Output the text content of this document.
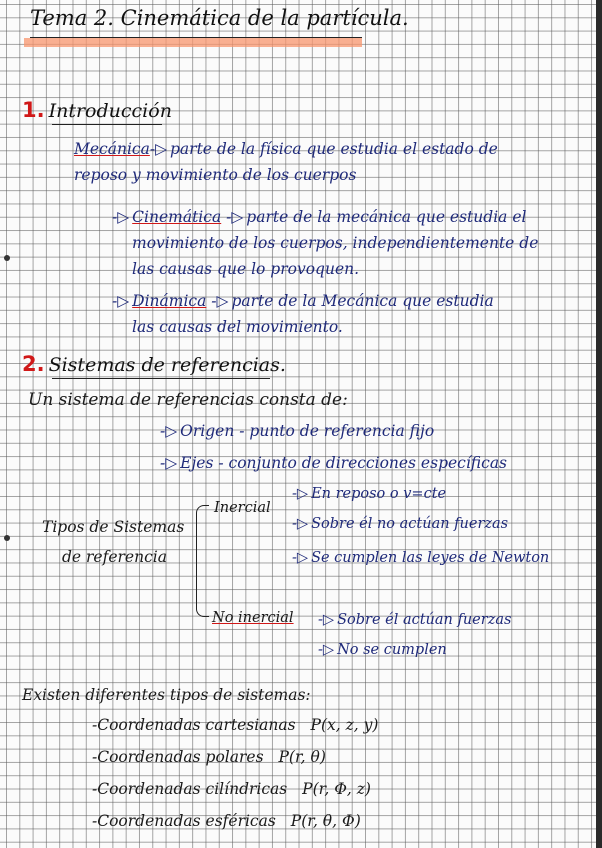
Tema 2. Cinemática de la partícula.
1. Introducción
Mecánica-▷ parte de la física que estudia el estado de
reposo y movimiento de los cuerpos
-▷ Cinemática -▷ parte de la mecánica que estudia el
movimiento de los cuerpos, independientemente de
las causas que lo provoquen.
-▷ Dinámica -▷ parte de la Mecánica que estudia
las causas del movimiento.
2. Sistemas de referencias.
Un sistema de referencias consta de:
-▷ Origen - punto de referencia fijo
-▷ Ejes - conjunto de direcciones específicas
Tipos de Sistemas
de referencia
Inercial
-▷ En reposo o v=cte
-▷ Sobre él no actúan fuerzas
-▷ Se cumplen las leyes de Newton
No inercial -▷ Sobre él actúan fuerzas
-▷ No se cumplen
Existen diferentes tipos de sistemas:
-Coordenadas cartesianas P(x, z, y)
-Coordenadas polares P(r, θ)
-Coordenadas cilíndricas P(r, Φ, z)
-Coordenadas esféricas P(r, θ, Φ)
